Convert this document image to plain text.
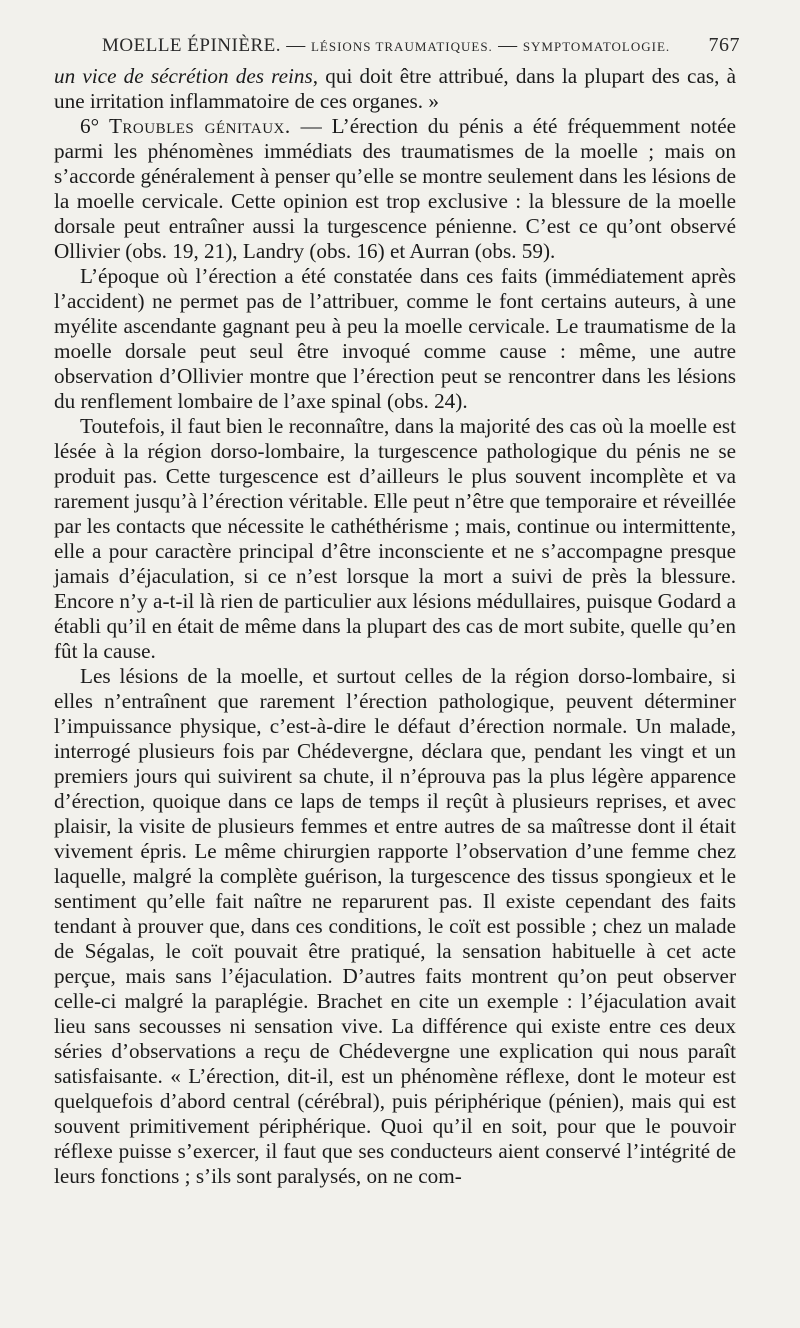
MOELLE ÉPINIÈRE. — LÉSIONS TRAUMATIQUES. — SYMPTOMATOLOGIE. 767

un vice de sécrétion des reins, qui doit être attribué, dans la plupart des cas, à une irritation inflammatoire de ces organes. »

6° Troubles génitaux. — L’érection du pénis a été fréquemment notée parmi les phénomènes immédiats des traumatismes de la moelle ; mais on s’accorde généralement à penser qu’elle se montre seulement dans les lésions de la moelle cervicale. Cette opinion est trop exclusive : la blessure de la moelle dorsale peut entraîner aussi la turgescence pénienne. C’est ce qu’ont observé Ollivier (obs. 19, 21), Landry (obs. 16) et Aurran (obs. 59).

L’époque où l’érection a été constatée dans ces faits (immédiatement après l’accident) ne permet pas de l’attribuer, comme le font certains auteurs, à une myélite ascendante gagnant peu à peu la moelle cervicale. Le traumatisme de la moelle dorsale peut seul être invoqué comme cause : même, une autre observation d’Ollivier montre que l’érection peut se rencontrer dans les lésions du renflement lombaire de l’axe spinal (obs. 24).

Toutefois, il faut bien le reconnaître, dans la majorité des cas où la moelle est lésée à la région dorso-lombaire, la turgescence pathologique du pénis ne se produit pas. Cette turgescence est d’ailleurs le plus souvent incomplète et va rarement jusqu’à l’érection véritable. Elle peut n’être que temporaire et réveillée par les contacts que nécessite le cathéthérisme ; mais, continue ou intermittente, elle a pour caractère principal d’être inconsciente et ne s’accompagne presque jamais d’éjaculation, si ce n’est lorsque la mort a suivi de près la blessure. Encore n’y a-t-il là rien de particulier aux lésions médullaires, puisque Godard a établi qu’il en était de même dans la plupart des cas de mort subite, quelle qu’en fût la cause.

Les lésions de la moelle, et surtout celles de la région dorso-lombaire, si elles n’entraînent que rarement l’érection pathologique, peuvent déterminer l’impuissance physique, c’est-à-dire le défaut d’érection normale. Un malade, interrogé plusieurs fois par Chédevergne, déclara que, pendant les vingt et un premiers jours qui suivirent sa chute, il n’éprouva pas la plus légère apparence d’érection, quoique dans ce laps de temps il reçût à plusieurs reprises, et avec plaisir, la visite de plusieurs femmes et entre autres de sa maîtresse dont il était vivement épris. Le même chirurgien rapporte l’observation d’une femme chez laquelle, malgré la complète guérison, la turgescence des tissus spongieux et le sentiment qu’elle fait naître ne reparurent pas. Il existe cependant des faits tendant à prouver que, dans ces conditions, le coït est possible ; chez un malade de Ségalas, le coït pouvait être pratiqué, la sensation habituelle à cet acte perçue, mais sans l’éjaculation. D’autres faits montrent qu’on peut observer celle-ci malgré la paraplégie. Brachet en cite un exemple : l’éjaculation avait lieu sans secousses ni sensation vive. La différence qui existe entre ces deux séries d’observations a reçu de Chédevergne une explication qui nous paraît satisfaisante. « L’érection, dit-il, est un phénomène réflexe, dont le moteur est quelquefois d’abord central (cérébral), puis périphérique (pénien), mais qui est souvent primitivement périphérique. Quoi qu’il en soit, pour que le pouvoir réflexe puisse s’exercer, il faut que ses conducteurs aient conservé l’intégrité de leurs fonctions ; s’ils sont paralysés, on ne com-
